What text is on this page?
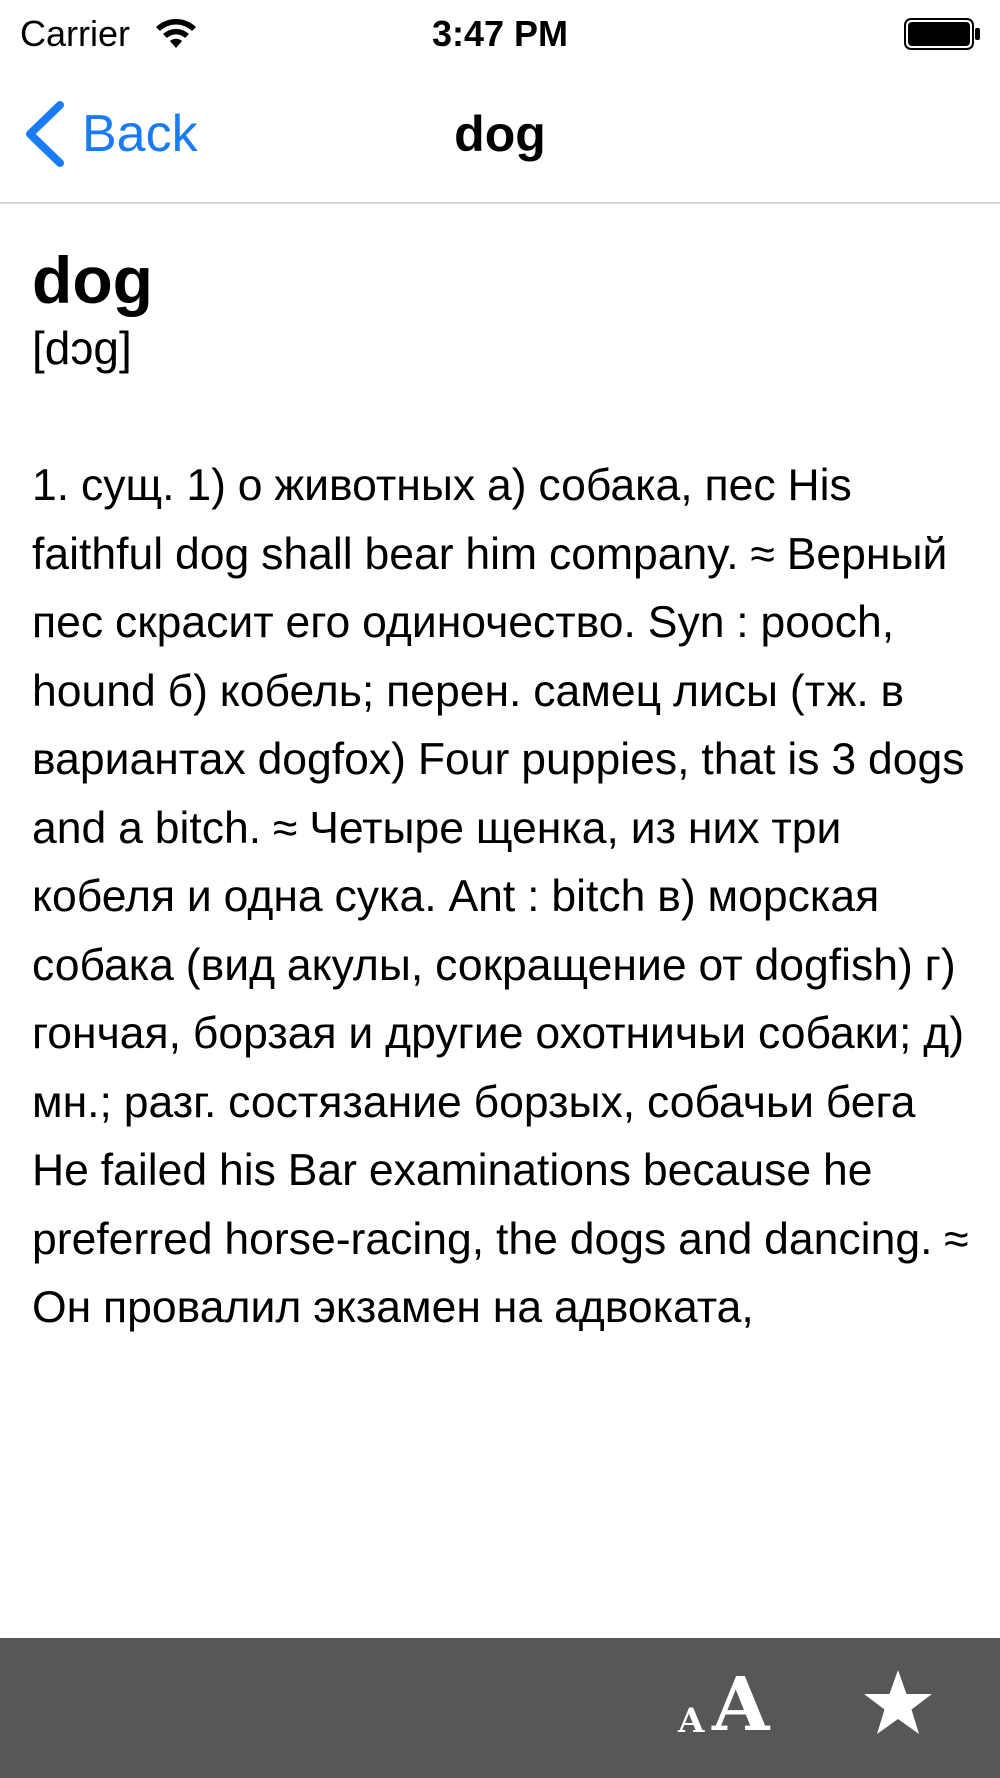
Carrier	3:47 PM
Back	dog
dog

[dɔg]

1. сущ. 1) о животных а) собака, пес His faithful dog shall bear him company. ≈ Верный пес скрасит его одиночество. Syn : pooch, hound б) кобель; перен. самец лисы (тж. в вариантах dogfox) Four puppies, that is 3 dogs and a bitch. ≈ Четыре щенка, из них три кобеля и одна сука. Ant : bitch в) морская собака (вид акулы, сокращение от dogfish) г) гончая, борзая и другие охотничьи собаки; д) мн.; разг. состязание борзых, собачьи бега He failed his Bar examinations because he preferred horse-racing, the dogs and dancing. ≈ Он провалил экзамен на адвоката,

A A
